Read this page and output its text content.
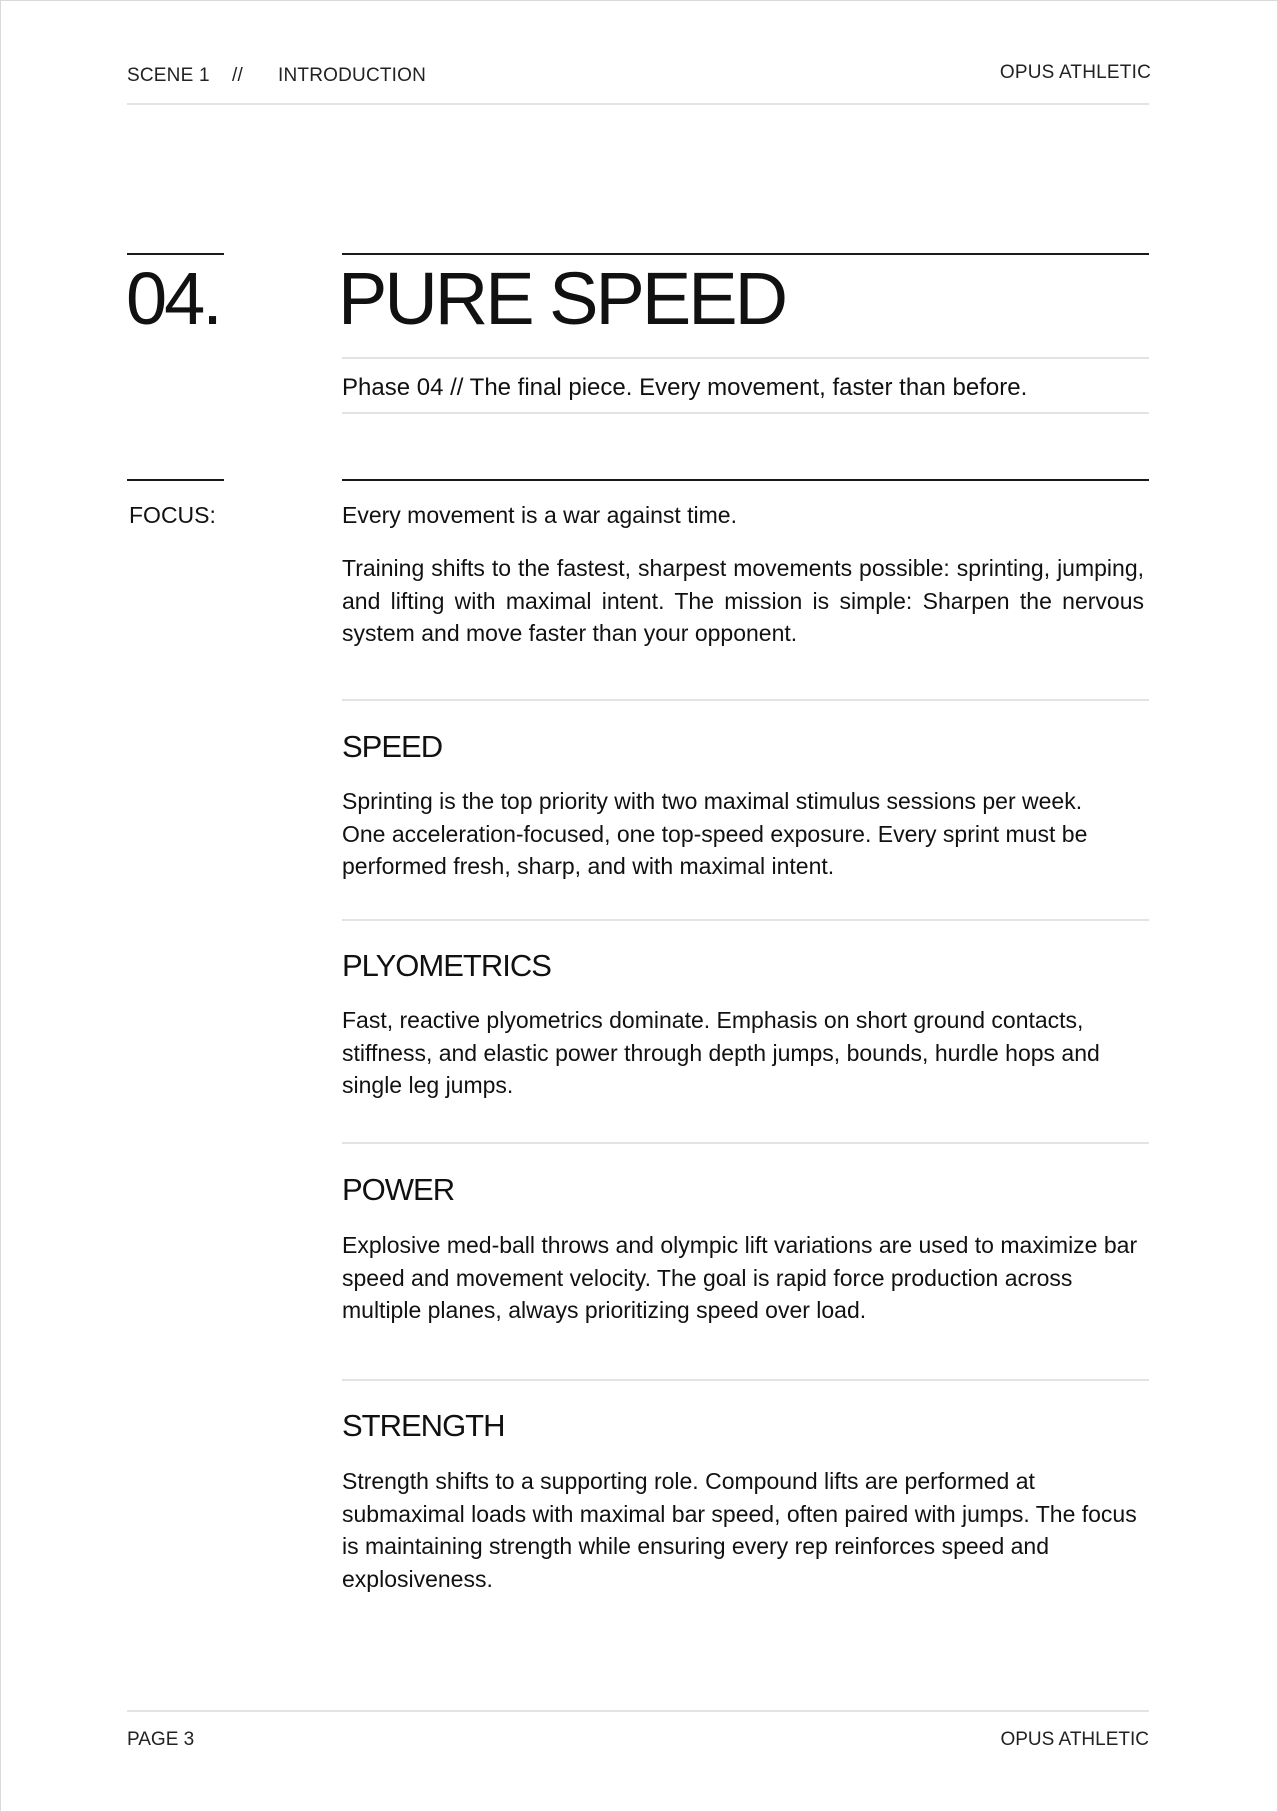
SCENE 1 // INTRODUCTION	OPUS ATHLETIC
04. PURE SPEED
Phase 04 // The final piece. Every movement, faster than before.
FOCUS:	Every movement is a war against time.
Training shifts to the fastest, sharpest movements possible: sprinting, jumping, and lifting with maximal intent. The mission is simple: Sharpen the nervous system and move faster than your opponent.
SPEED
Sprinting is the top priority with two maximal stimulus sessions per week.
One acceleration-focused, one top-speed exposure. Every sprint must be
performed fresh, sharp, and with maximal intent.
PLYOMETRICS
Fast, reactive plyometrics dominate. Emphasis on short ground contacts,
stiffness, and elastic power through depth jumps, bounds, hurdle hops and
single leg jumps.
POWER
Explosive med-ball throws and olympic lift variations are used to maximize bar
speed and movement velocity. The goal is rapid force production across
multiple planes, always prioritizing speed over load.
STRENGTH
Strength shifts to a supporting role. Compound lifts are performed at
submaximal loads with maximal bar speed, often paired with jumps. The focus
is maintaining strength while ensuring every rep reinforces speed and
explosiveness.
PAGE 3	OPUS ATHLETIC
